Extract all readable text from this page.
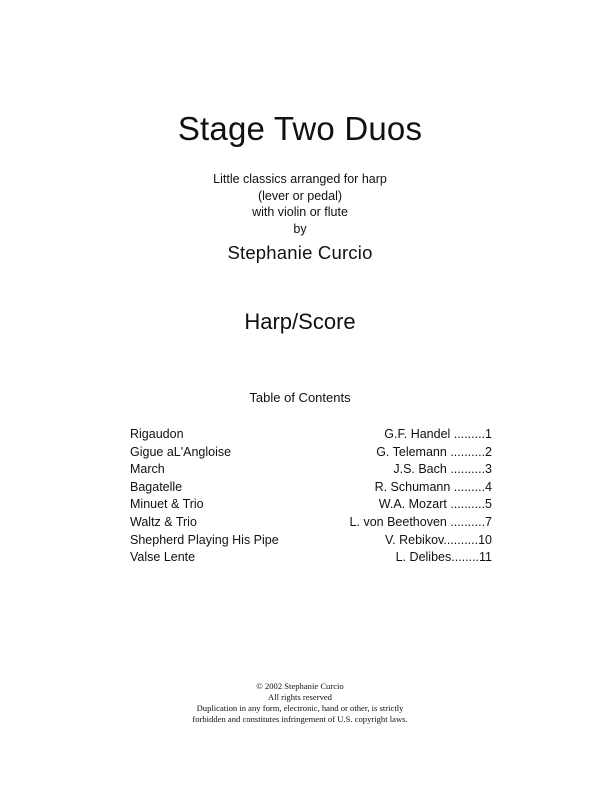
Stage Two Duos
Little classics arranged for harp
(lever or pedal)
with violin or flute
by
Stephanie Curcio
Harp/Score
Table of Contents
Rigaudon	G.F. Handel .........1
Gigue aL'Angloise	G. Telemann ..........2
March	J.S. Bach ..........3
Bagatelle	R. Schumann .........4
Minuet & Trio	W.A. Mozart ..........5
Waltz & Trio	L. von Beethoven ..........7
Shepherd Playing His Pipe	V. Rebikov..........10
Valse Lente	L. Delibes........11
© 2002 Stephanie Curcio
All rights reserved
Duplication in any form, electronic, hand or other, is strictly
forbidden and constitutes infringement of U.S. copyright laws.
